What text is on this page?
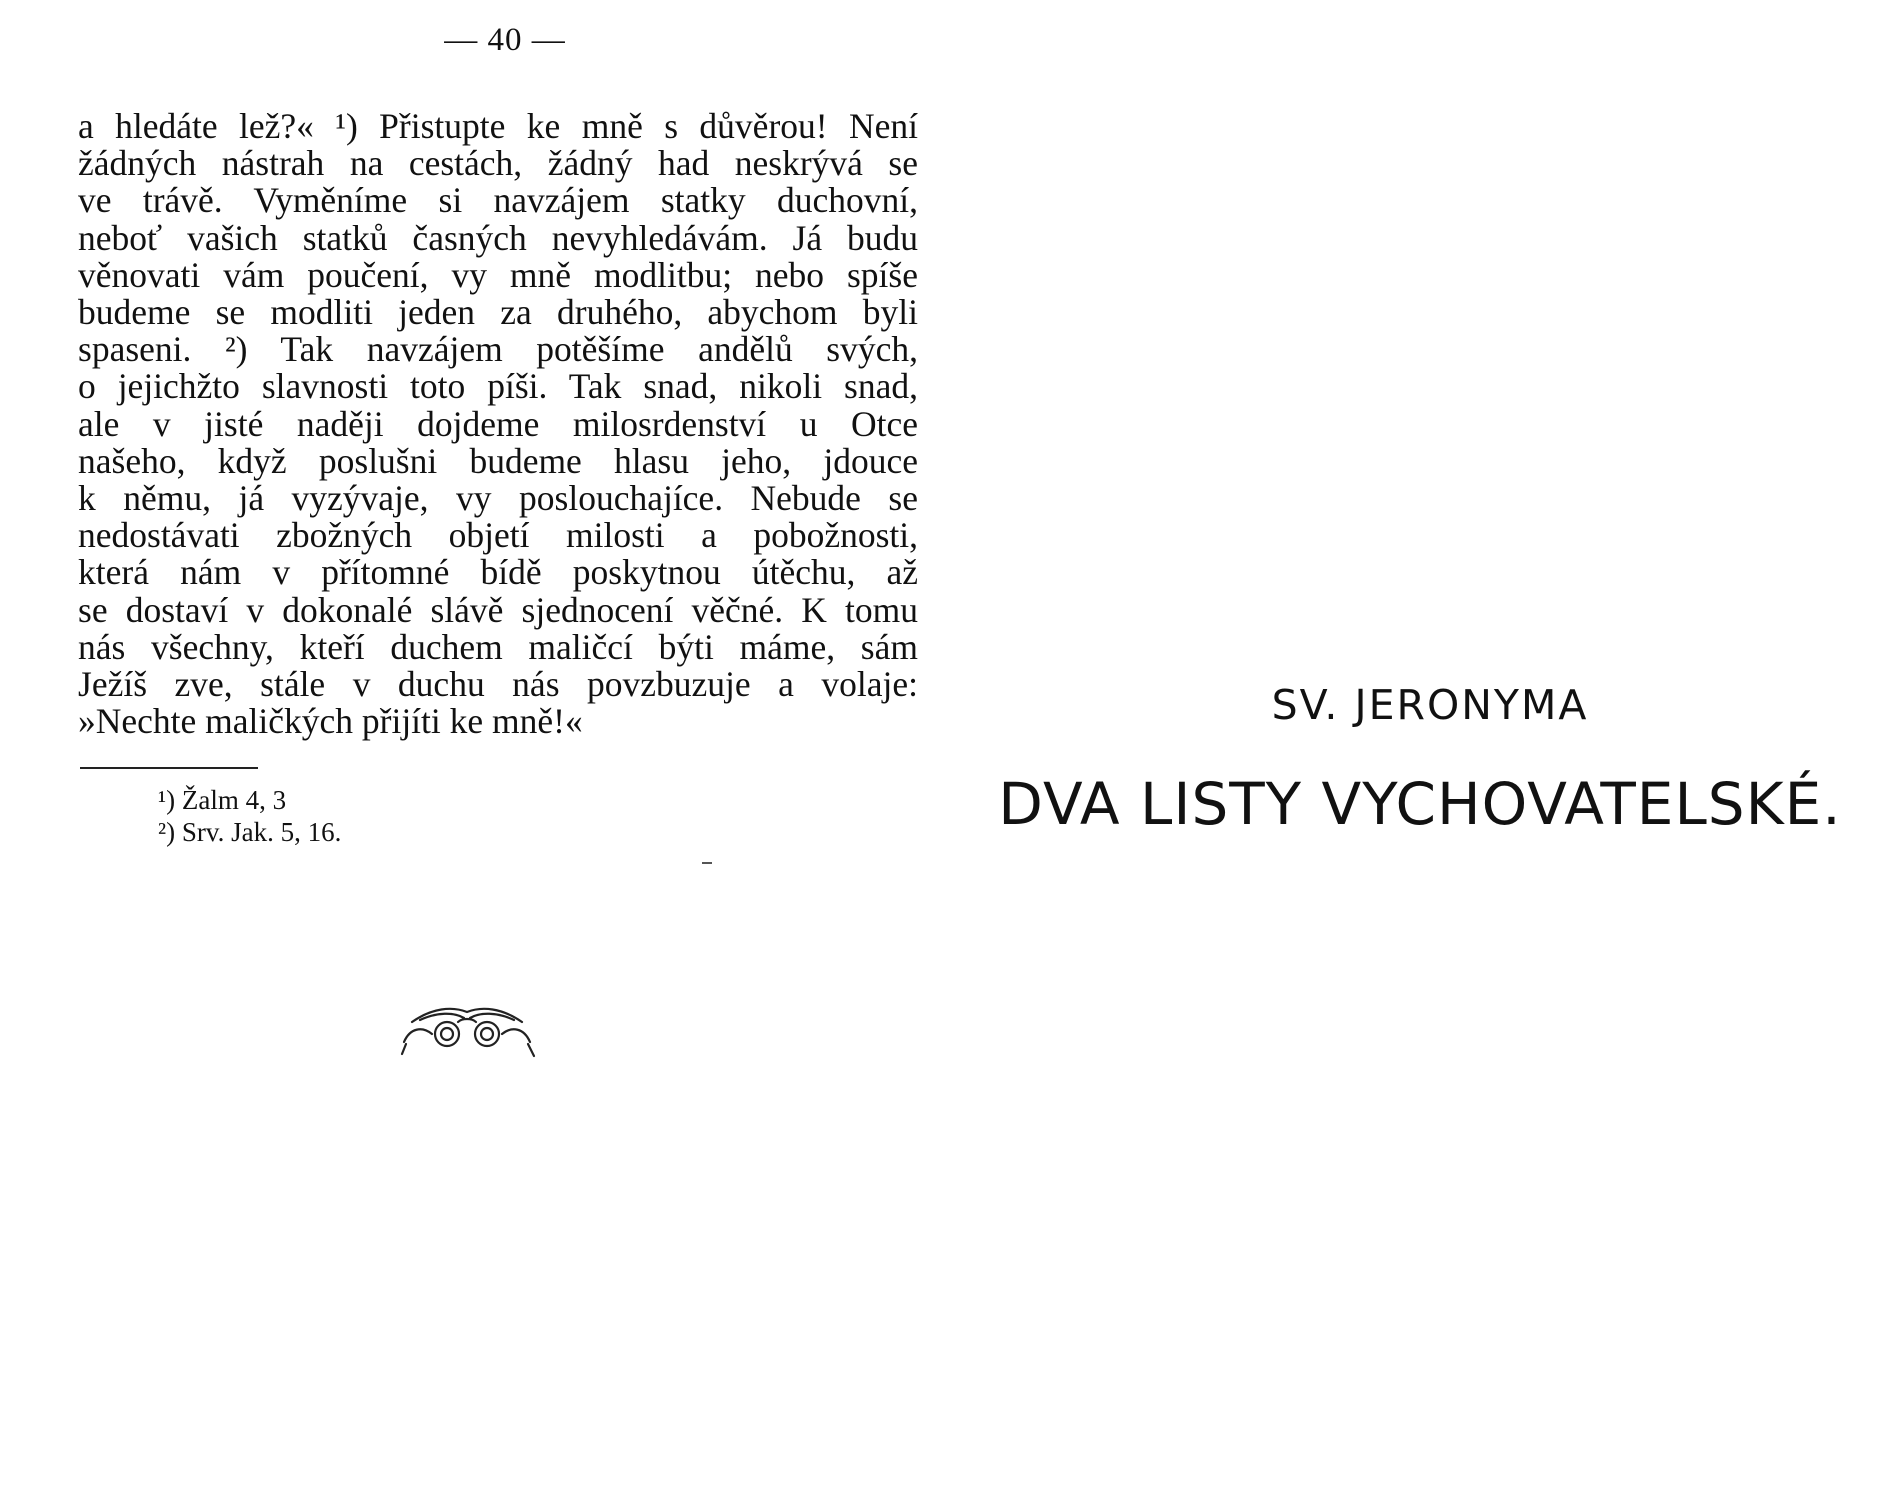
— 40 —
a hledáte lež?« ¹) Přistupte ke mně s důvěrou! Není
žádných nástrah na cestách, žádný had neskrývá se
ve trávě. Vyměníme si navzájem statky duchovní,
neboť vašich statků časných nevyhledávám. Já budu
věnovati vám poučení, vy mně modlitbu; nebo spíše
budeme se modliti jeden za druhého, abychom byli
spaseni. ²) Tak navzájem potěšíme andělů svých,
o jejichžto slavnosti toto píši. Tak snad, nikoli snad,
ale v jisté naději dojdeme milosrdenství u Otce
našeho, když poslušni budeme hlasu jeho, jdouce
k němu, já vyzývaje, vy poslouchajíce. Nebude se
nedostávati zbožných objetí milosti a pobožnosti,
která nám v přítomné bídě poskytnou útěchu, až
se dostaví v dokonalé slávě sjednocení věčné. K tomu
nás všechny, kteří duchem maličcí býti máme, sám
Ježíš zve, stále v duchu nás povzbuzuje a volaje:
»Nechte maličkých přijíti ke mně!«
¹) Žalm 4, 3
²) Srv. Jak. 5, 16.
SV. JERONYMA
DVA LISTY VYCHOVATELSKÉ.
